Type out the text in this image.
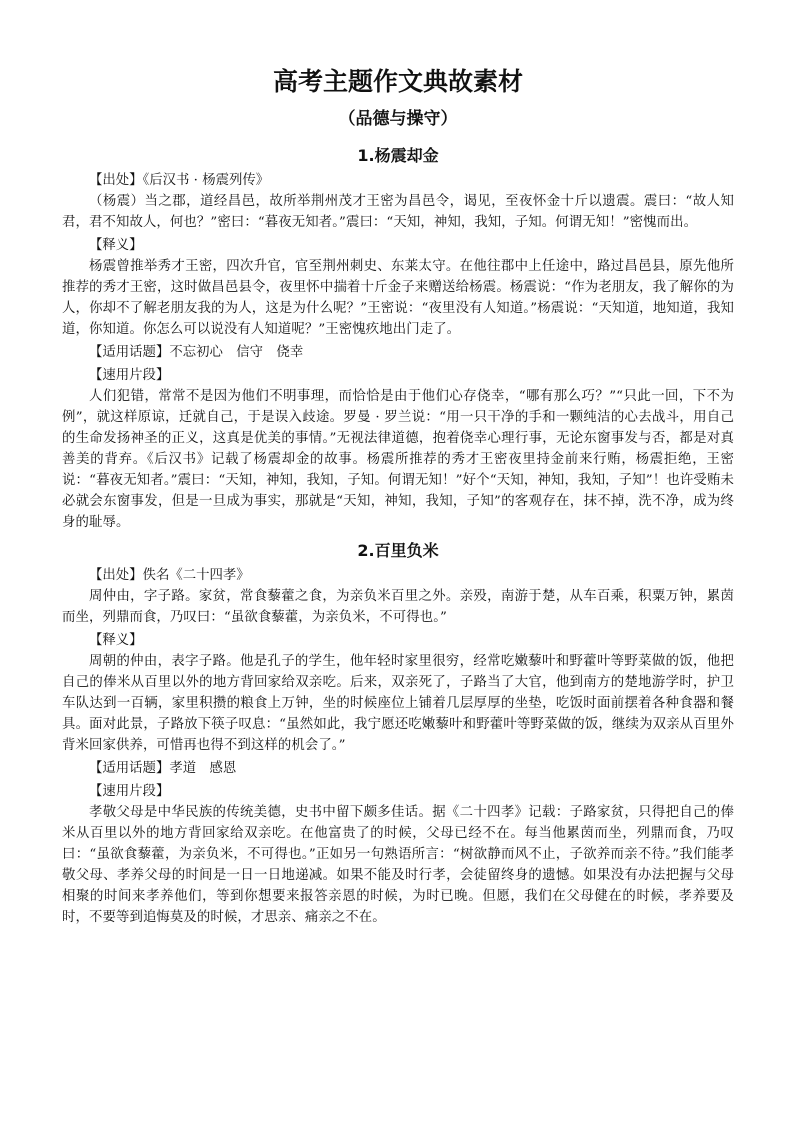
高考主题作文典故素材
（品德与操守）
1.杨震却金
【出处】《后汉书 · 杨震列传》

（杨震）当之郡，道经昌邑，故所举荆州茂才王密为昌邑令，谒见，至夜怀金十斤以遗震。震曰：“故人知君，君不知故人，何也？”密曰：“暮夜无知者。”震曰：“天知，神知，我知，子知。何谓无知！”密愧而出。

【释义】

杨震曾推举秀才王密，四次升官，官至荆州刺史、东莱太守。在他往郡中上任途中，路过昌邑县，原先他所推荐的秀才王密，这时做昌邑县令，夜里怀中揣着十斤金子来赠送给杨震。杨震说：“作为老朋友，我了解你的为人，你却不了解老朋友我的为人，这是为什么呢？”王密说：“夜里没有人知道。”杨震说：“天知道，地知道，我知道，你知道。你怎么可以说没有人知道呢？”王密愧疚地出门走了。

【适用话题】不忘初心　信守　侥幸
【速用片段】

人们犯错，常常不是因为他们不明事理，而恰恰是由于他们心存侥幸，“哪有那么巧？”“只此一回，下不为例”，就这样原谅，迁就自己，于是误入歧途。罗曼 · 罗兰说：“用一只干净的手和一颗纯洁的心去战斗，用自己的生命发扬神圣的正义，这真是优美的事情。”无视法律道德，抱着侥幸心理行事，无论东窗事发与否，都是对真善美的背弃。《后汉书》记载了杨震却金的故事。杨震所推荐的秀才王密夜里持金前来行贿，杨震拒绝，王密说：“暮夜无知者。”震曰：“天知，神知，我知，子知。何谓无知！”好个“天知，神知，我知，子知”！也许受贿未必就会东窗事发，但是一旦成为事实，那就是“天知，神知，我知，子知”的客观存在，抹不掉，洗不净，成为终身的耻辱。

2.百里负米
【出处】佚名《二十四孝》

周仲由，字子路。家贫，常食藜藿之食，为亲负米百里之外。亲殁，南游于楚，从车百乘，积粟万钟，累茵而坐，列鼎而食，乃叹曰：“虽欲食藜藿，为亲负米，不可得也。”

【释义】

周朝的仲由，表字子路。他是孔子的学生，他年轻时家里很穷，经常吃嫩藜叶和野藿叶等野菜做的饭，他把自己的俸米从百里以外的地方背回家给双亲吃。后来，双亲死了，子路当了大官，他到南方的楚地游学时，护卫车队达到一百辆，家里积攒的粮食上万钟，坐的时候座位上铺着几层厚厚的坐垫，吃饭时面前摆着各种食器和餐具。面对此景，子路放下筷子叹息：“虽然如此，我宁愿还吃嫩藜叶和野藿叶等野菜做的饭，继续为双亲从百里外背米回家供养，可惜再也得不到这样的机会了。”

【适用话题】孝道　感恩
【速用片段】

孝敬父母是中华民族的传统美德，史书中留下颇多佳话。据《二十四孝》记载：子路家贫，只得把自己的俸米从百里以外的地方背回家给双亲吃。在他富贵了的时候，父母已经不在。每当他累茵而坐，列鼎而食，乃叹曰：“虽欲食藜藿，为亲负米，不可得也。”正如另一句熟语所言：“树欲静而风不止，子欲养而亲不待。”我们能孝敬父母、孝养父母的时间是一日一日地递减。如果不能及时行孝，会徒留终身的遗憾。如果没有办法把握与父母相聚的时间来孝养他们，等到你想要来报答亲恩的时候，为时已晚。但愿，我们在父母健在的时候，孝养要及时，不要等到追悔莫及的时候，才思亲、痛亲之不在。
